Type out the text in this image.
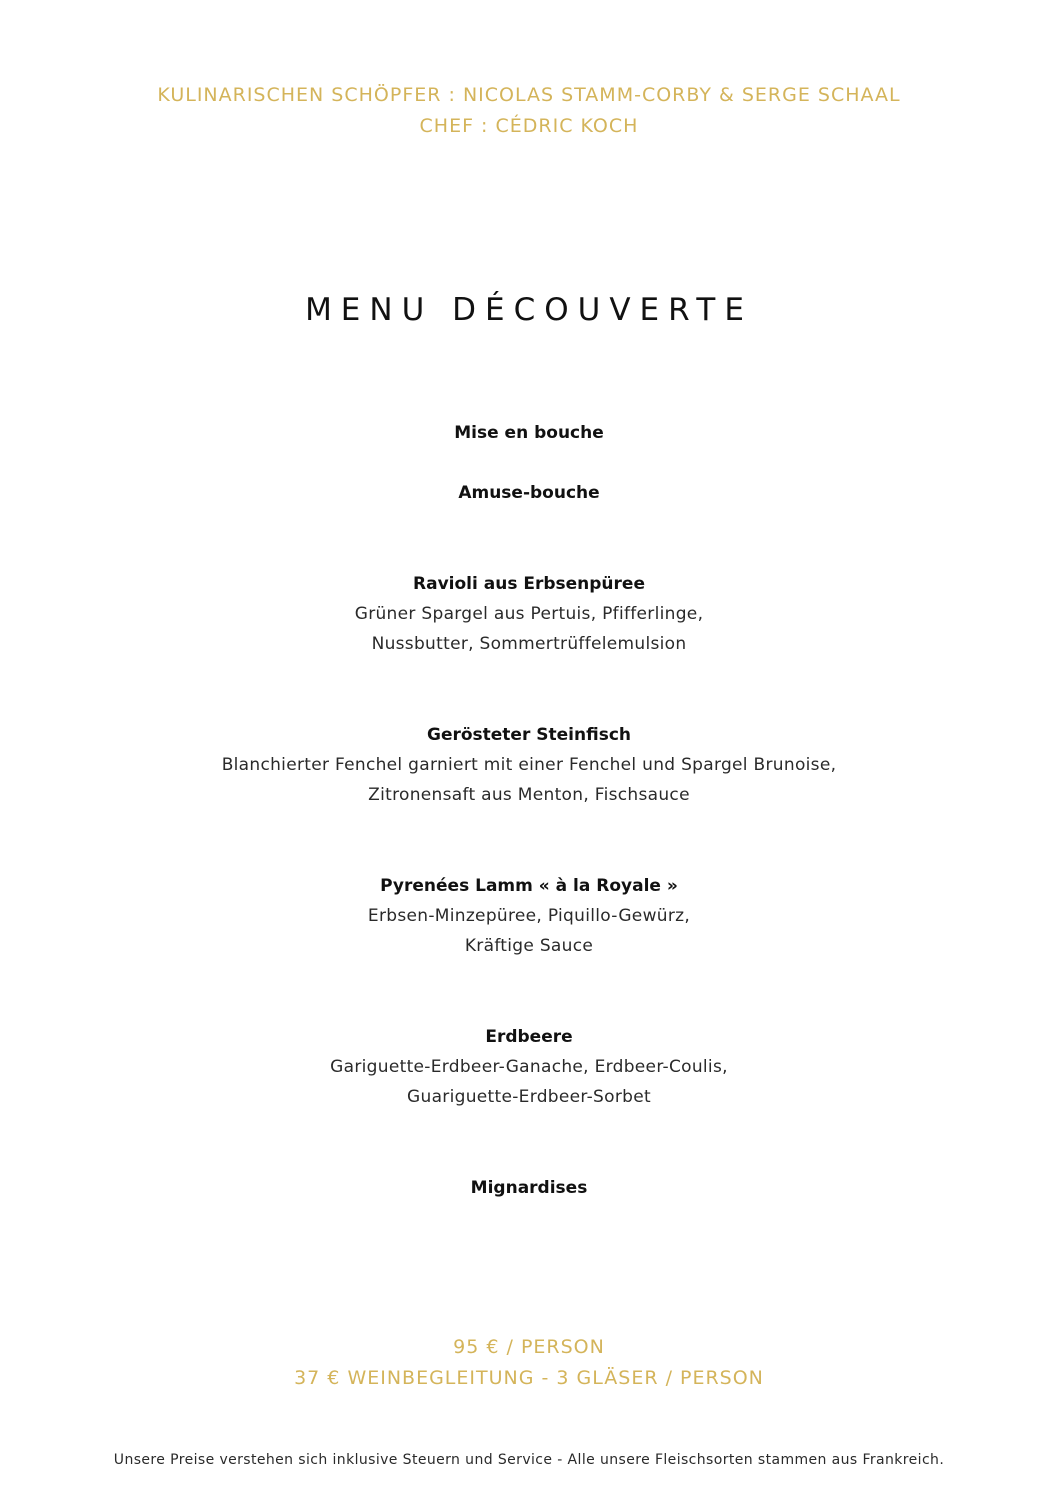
KULINARISCHEN SCHÖPFER : NICOLAS STAMM-CORBY & SERGE SCHAAL
CHEF : CÉDRIC KOCH
MENU DÉCOUVERTE
Mise en bouche
Amuse-bouche
Ravioli aus Erbsenpüree
Grüner Spargel aus Pertuis, Pfifferlinge,
Nussbutter, Sommertrüffelemulsion
Gerösteter Steinfisch
Blanchierter Fenchel garniert mit einer Fenchel und Spargel Brunoise,
Zitronensaft aus Menton, Fischsauce
Pyrenées Lamm « à la Royale »
Erbsen-Minzepüree, Piquillo-Gewürz,
Kräftige Sauce
Erdbeere
Gariguette-Erdbeer-Ganache, Erdbeer-Coulis,
Guariguette-Erdbeer-Sorbet
Mignardises
95 € / PERSON
37 € WEINBEGLEITUNG - 3 GLÄSER / PERSON
Unsere Preise verstehen sich inklusive Steuern und Service - Alle unsere Fleischsorten stammen aus Frankreich.
